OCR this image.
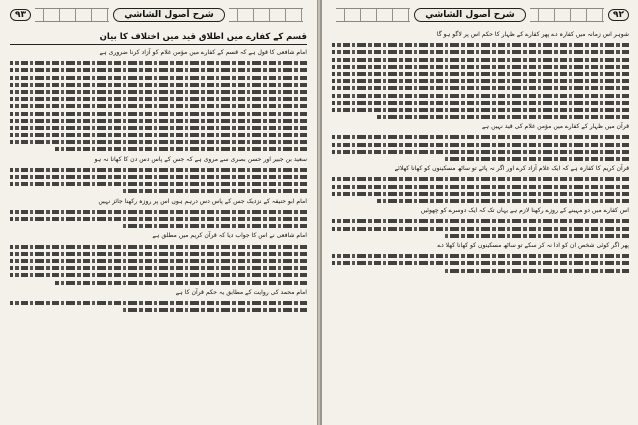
٩٣	شرح أصول الشاشي
قسم کے کفارے میں اطلاق قید میں اختلاف کا بیان
امام شافعی کا قول ہے کہ قسم کے کفارے میں مؤمن غلام کو آزاد کرنا ضروری ہے
سعید بن جبیر اور حسن بصری سے مروی ہے کہ جس کے پاس دس دن کا کھانا نہ ہو
امام ابو حنیفہ کے نزدیک جس کے پاس دس درہم ہوں اس پر روزہ رکھنا جائز نہیں
امام شافعی نے اس کا جواب دیا کہ قرآن کریم میں مطلق ہے
امام محمد کی روایت کے مطابق یہ حکم قرآن کا ہے
شرح أصول الشاشي	٩٢
شوہر اس زمانہ میں کفارہ دے پھر کفارے کے ظہار کا حکم اس پر لاگو ہو گا
قرآن میں ظہار کے کفارے میں مؤمن غلام کی قید نہیں ہے
قرآن کریم کا کفارہ ہے کہ ایک غلام آزاد کرے اور اگر نہ پائے تو ساٹھ مسکینوں کو کھانا کھلائے
اس کفارے میں دو مہینے کے روزے رکھنا لازم ہے یہاں تک کہ ایک دوسرے کو چھوئیں
پھر اگر کوئی شخص ان کو ادا نہ کر سکے تو ساٹھ مسکینوں کو کھانا کھلا دے
